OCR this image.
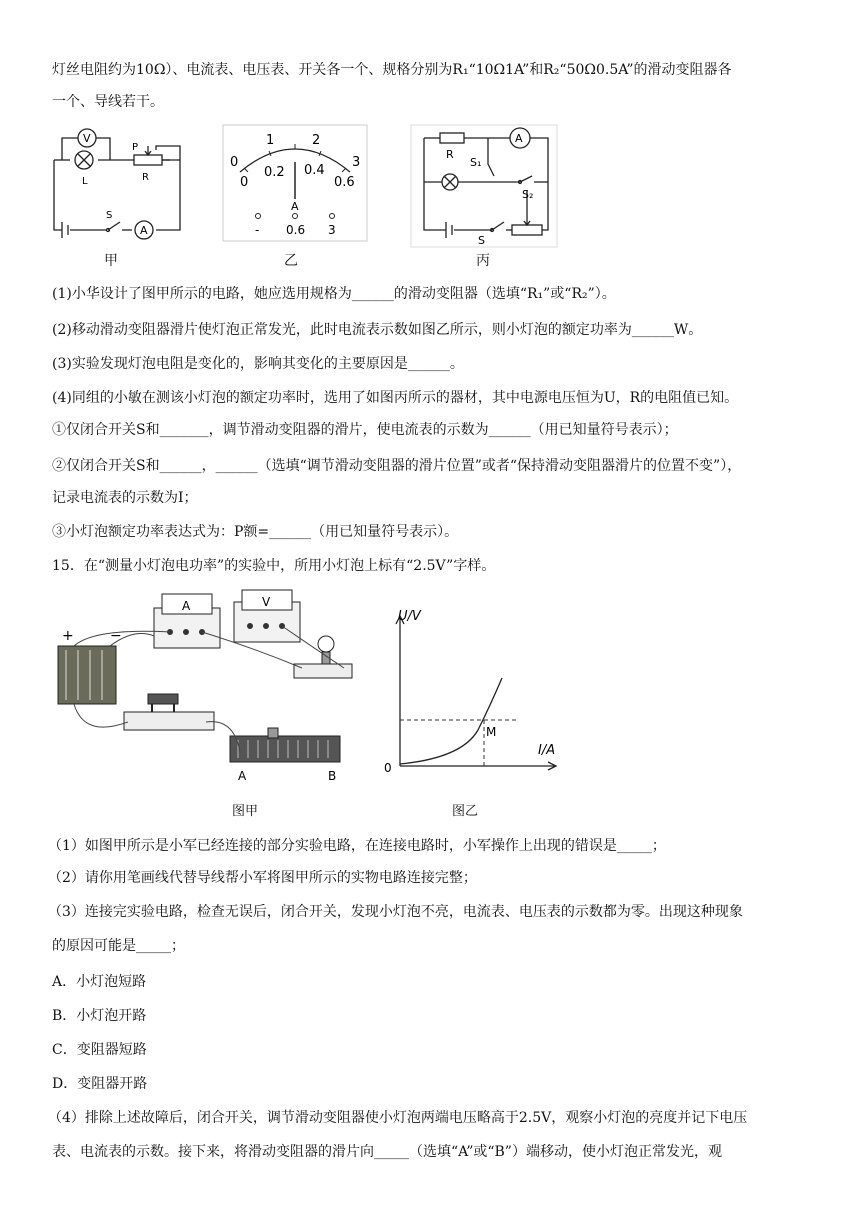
灯丝电阻约为10Ω）、电流表、电压表、开关各一个、规格分别为R₁“10Ω1A”和R₂“50Ω0.5A”的滑动变阻器各
一个、导线若干。
V
L
P
R
S
A
0
1	2
3
0
0.2 0.4
0.6
A
- 0.6 3
R
A
S₁
S₂
S
甲	乙	丙
(1)小华设计了图甲所示的电路，她应选用规格为______的滑动变阻器（选填“R₁”或“R₂”）。
(2)移动滑动变阻器滑片使灯泡正常发光，此时电流表示数如图乙所示，则小灯泡的额定功率为______W。
(3)实验发现灯泡电阻是变化的，影响其变化的主要原因是______。
(4)同组的小敏在测该小灯泡的额定功率时，选用了如图丙所示的器材，其中电源电压恒为U，R的电阻值已知。
①仅闭合开关S和_______，调节滑动变阻器的滑片，使电流表的示数为______（用已知量符号表示）；
②仅闭合开关S和______，______（选填“调节滑动变阻器的滑片位置”或者“保持滑动变阻器滑片的位置不变”），
记录电流表的示数为I；
③小灯泡额定功率表达式为：P额=______（用已知量符号表示）。
15．在“测量小灯泡电功率”的实验中，所用小灯泡上标有“2.5V”字样。
+	−
A	V
A	B
U/V
I/A
0
M
图甲	图乙
（1）如图甲所示是小军已经连接的部分实验电路，在连接电路时，小军操作上出现的错误是_____；
（2）请你用笔画线代替导线帮小军将图甲所示的实物电路连接完整；
（3）连接完实验电路，检查无误后，闭合开关，发现小灯泡不亮，电流表、电压表的示数都为零。出现这种现象
的原因可能是_____；
A．小灯泡短路
B．小灯泡开路
C．变阻器短路
D．变阻器开路
（4）排除上述故障后，闭合开关，调节滑动变阻器使小灯泡两端电压略高于2.5V，观察小灯泡的亮度并记下电压
表、电流表的示数。接下来，将滑动变阻器的滑片向_____（选填“A”或“B”）端移动，使小灯泡正常发光，观
